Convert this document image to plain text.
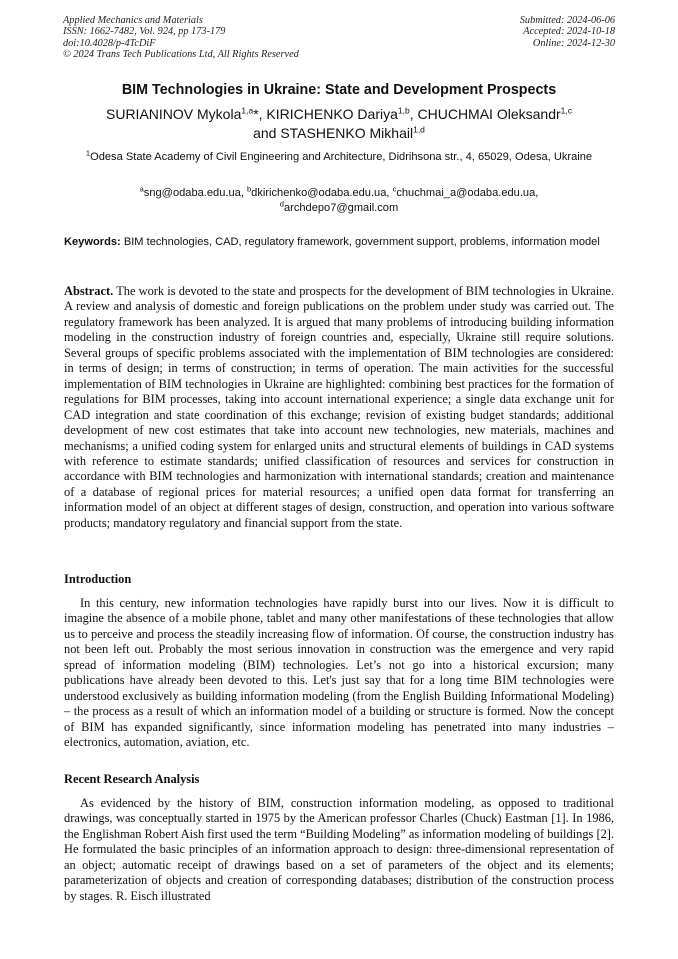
Applied Mechanics and Materials
ISSN: 1662-7482, Vol. 924, pp 173-179
doi:10.4028/p-4TcDiF
© 2024 Trans Tech Publications Ltd, All Rights Reserved
Submitted: 2024-06-06
Accepted: 2024-10-18
Online: 2024-12-30
BIM Technologies in Ukraine: State and Development Prospects
SURIANINOV Mykola$^{1,a}$*, KIRICHENKO Dariya$^{1,b}$, CHUCHMAI Oleksandr$^{1,c}$
and STASHENKO Mikhail$^{1,d}$
$^1$Odesa State Academy of Civil Engineering and Architecture, Didrihsona str., 4, 65029, Odesa, Ukraine
$^a$sng@odaba.edu.ua, $^b$dkirichenko@odaba.edu.ua, $^c$chuchmai_a@odaba.edu.ua,
$^d$archdepo7@gmail.com
Keywords: BIM technologies, CAD, regulatory framework, government support, problems, information model

Abstract. The work is devoted to the state and prospects for the development of BIM technologies in Ukraine. A review and analysis of domestic and foreign publications on the problem under study was carried out. The regulatory framework has been analyzed. It is argued that many problems of introducing building information modeling in the construction industry of foreign countries and, especially, Ukraine still require solutions. Several groups of specific problems associated with the implementation of BIM technologies are considered: in terms of design; in terms of construction; in terms of operation. The main activities for the successful implementation of BIM technologies in Ukraine are highlighted: combining best practices for the formation of regulations for BIM processes, taking into account international experience; a single data exchange unit for CAD integration and state coordination of this exchange; revision of existing budget standards; additional development of new cost estimates that take into account new technologies, new materials, machines and mechanisms; a unified coding system for enlarged units and structural elements of buildings in CAD systems with reference to estimate standards; unified classification of resources and services for construction in accordance with BIM technologies and harmonization with international standards; creation and maintenance of a database of regional prices for material resources; a unified open data format for transferring an information model of an object at different stages of design, construction, and operation into various software products; mandatory regulatory and financial support from the state.

Introduction

In this century, new information technologies have rapidly burst into our lives. Now it is difficult to imagine the absence of a mobile phone, tablet and many other manifestations of these technologies that allow us to perceive and process the steadily increasing flow of information. Of course, the construction industry has not been left out. Probably the most serious innovation in construction was the emergence and very rapid spread of information modeling (BIM) technologies. Let’s not go into a historical excursion; many publications have already been devoted to this. Let's just say that for a long time BIM technologies were understood exclusively as building information modeling (from the English Building Informational Modeling) – the process as a result of which an information model of a building or structure is formed. Now the concept of BIM has expanded significantly, since information modeling has penetrated into many industries – electronics, automation, aviation, etc.

Recent Research Analysis

As evidenced by the history of BIM, construction information modeling, as opposed to traditional drawings, was conceptually started in 1975 by the American professor Charles (Chuck) Eastman [1]. In 1986, the Englishman Robert Aish first used the term “Building Modeling” as information modeling of buildings [2]. He formulated the basic principles of an information approach to design: three-dimensional representation of an object; automatic receipt of drawings based on a set of parameters of the object and its elements; parameterization of objects and creation of corresponding databases; distribution of the construction process by stages. R. Eisch illustrated
